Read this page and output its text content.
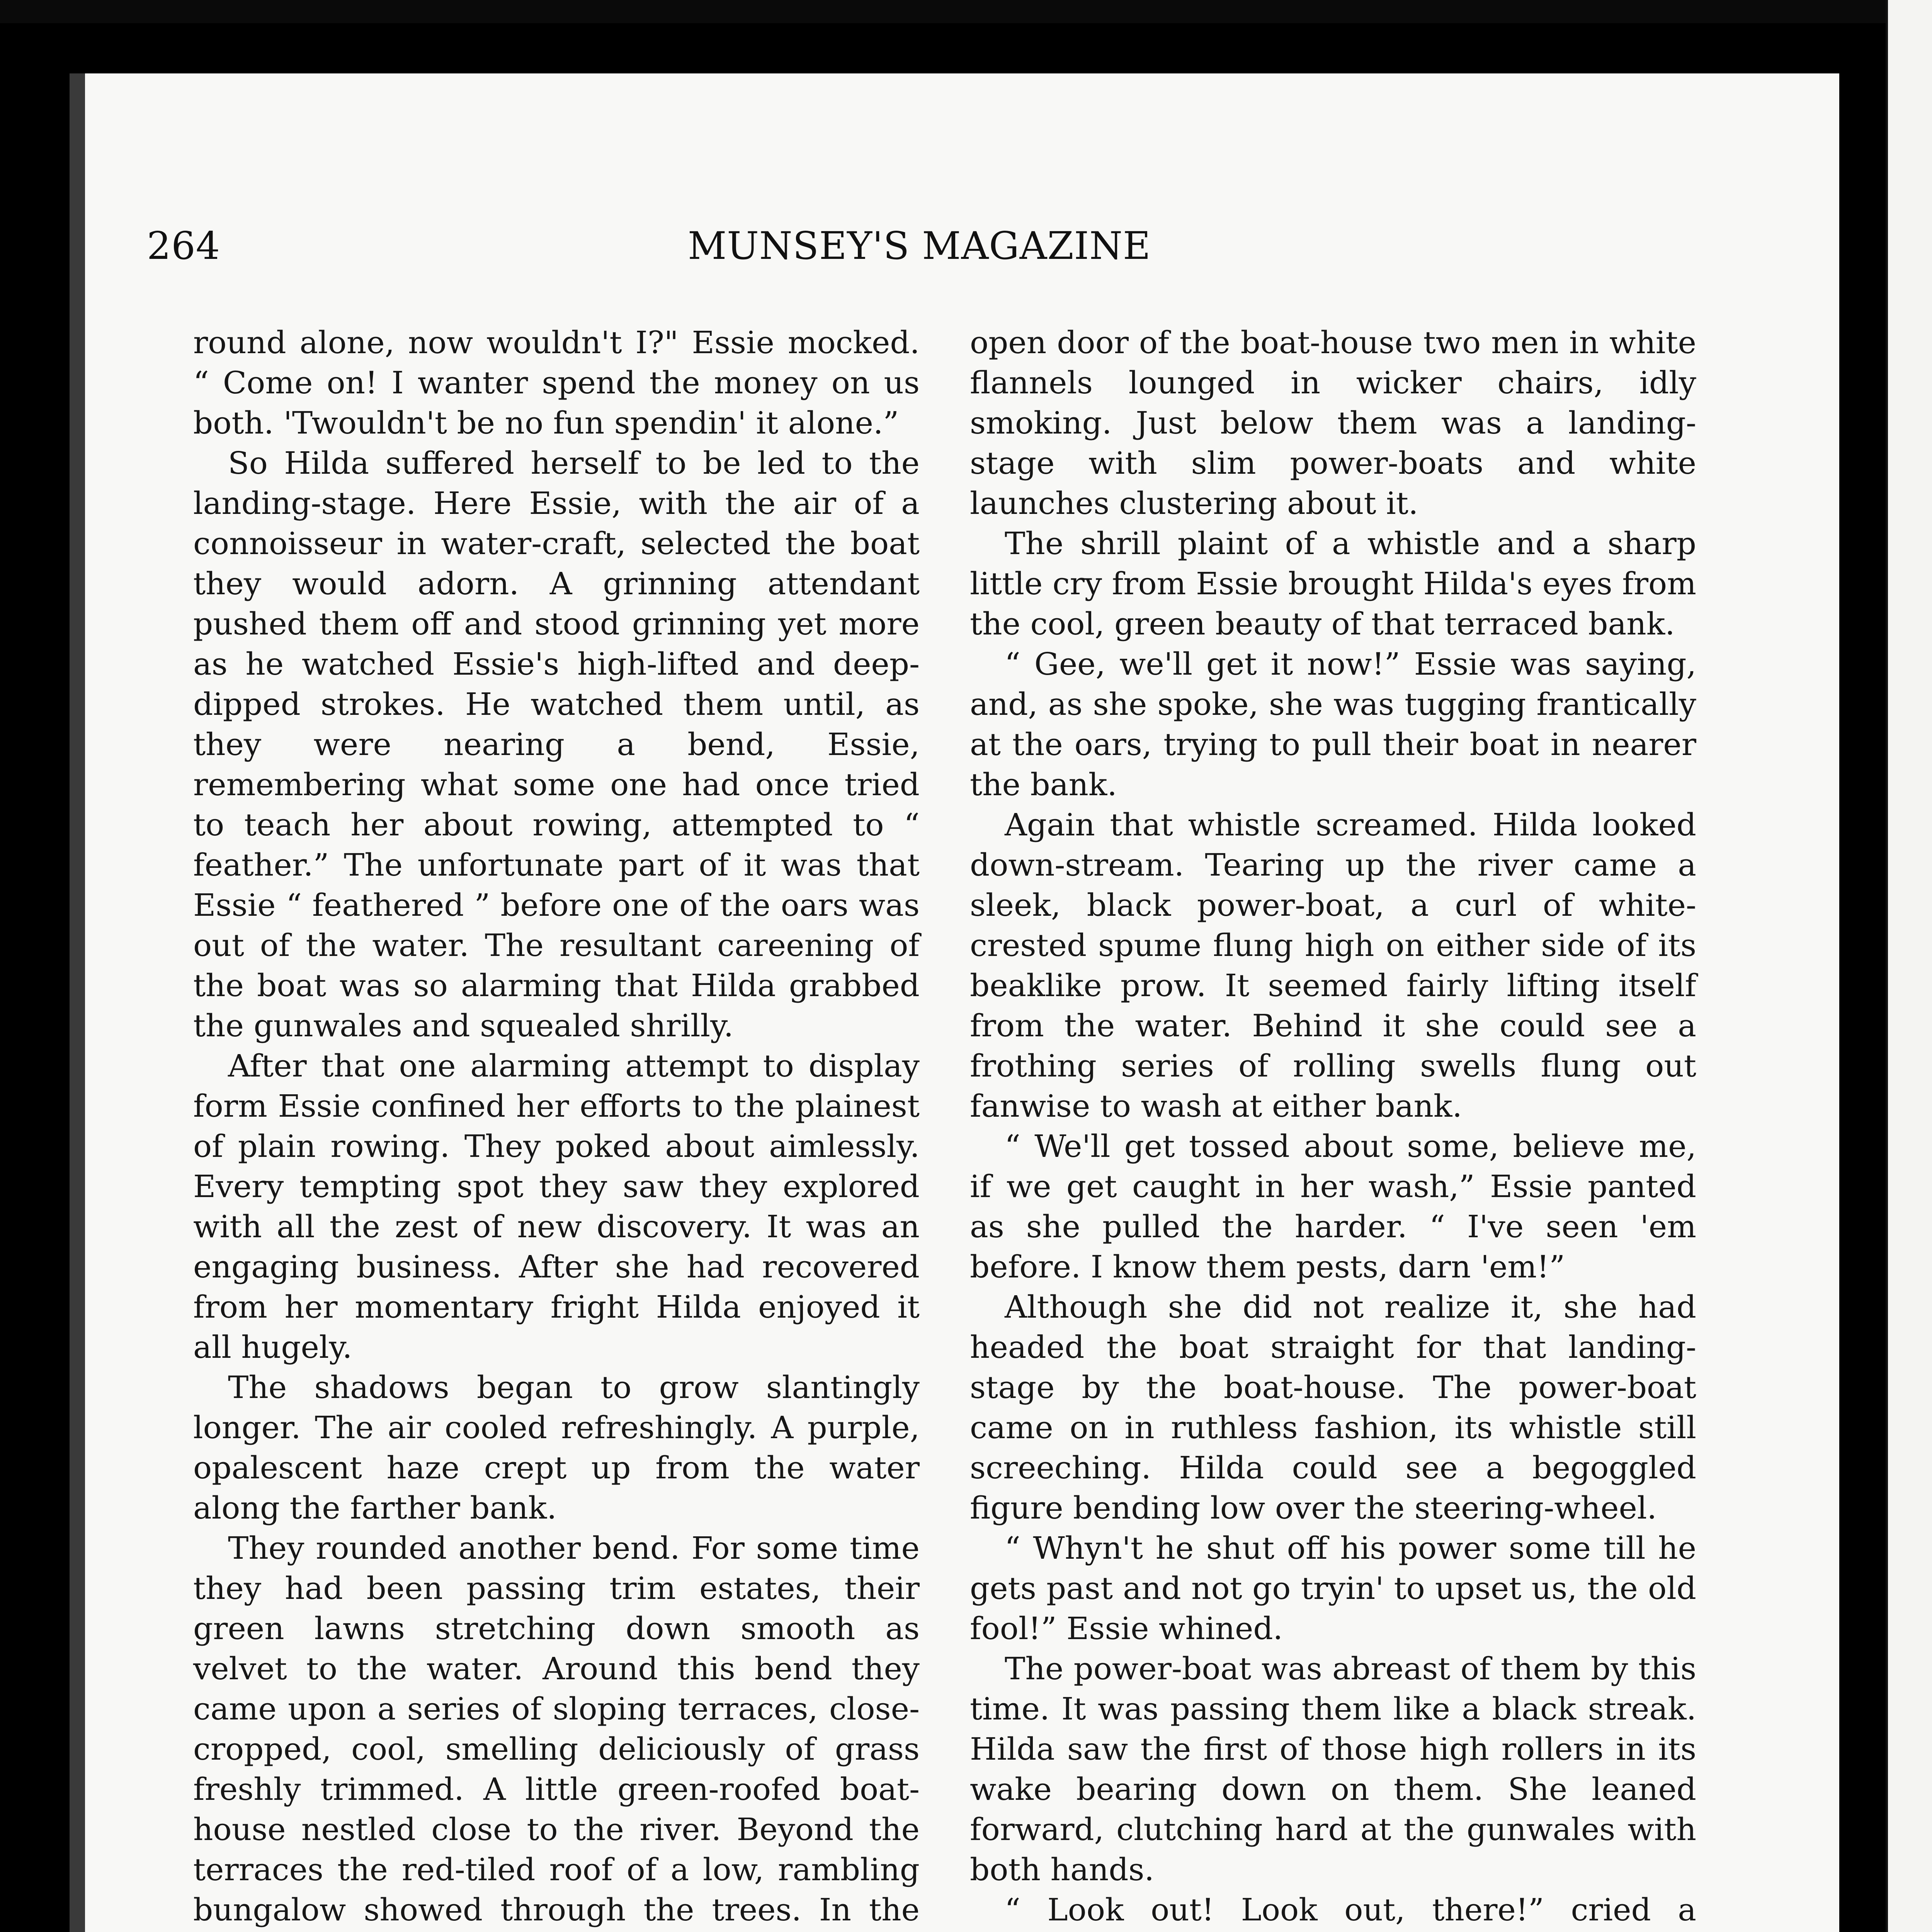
264	MUNSEY'S MAGAZINE

round alone, now wouldn't I?" Essie mocked. “ Come on! I wanter spend the money on us both. 'Twouldn't be no fun spendin' it alone.”

So Hilda suffered herself to be led to the landing-stage. Here Essie, with the air of a connoisseur in water-craft, selected the boat they would adorn. A grinning attendant pushed them off and stood grinning yet more as he watched Essie's high-lifted and deep-dipped strokes. He watched them until, as they were nearing a bend, Essie, remembering what some one had once tried to teach her about rowing, attempted to “ feather.” The unfortunate part of it was that Essie “ feathered ” before one of the oars was out of the water. The resultant careening of the boat was so alarming that Hilda grabbed the gunwales and squealed shrilly.

After that one alarming attempt to display form Essie confined her efforts to the plainest of plain rowing. They poked about aimlessly. Every tempting spot they saw they explored with all the zest of new discovery. It was an engaging business. After she had recovered from her momentary fright Hilda enjoyed it all hugely.

The shadows began to grow slantingly longer. The air cooled refreshingly. A purple, opalescent haze crept up from the water along the farther bank.

They rounded another bend. For some time they had been passing trim estates, their green lawns stretching down smooth as velvet to the water. Around this bend they came upon a series of sloping terraces, close-cropped, cool, smelling deliciously of grass freshly trimmed. A little green-roofed boat-house nestled close to the river. Beyond the terraces the red-tiled roof of a low, rambling bungalow showed through the trees. In the

open door of the boat-house two men in white flannels lounged in wicker chairs, idly smoking. Just below them was a landing-stage with slim power-boats and white launches clustering about it.

The shrill plaint of a whistle and a sharp little cry from Essie brought Hilda's eyes from the cool, green beauty of that terraced bank.

“ Gee, we'll get it now!” Essie was saying, and, as she spoke, she was tugging frantically at the oars, trying to pull their boat in nearer the bank.

Again that whistle screamed. Hilda looked down-stream. Tearing up the river came a sleek, black power-boat, a curl of white-crested spume flung high on either side of its beaklike prow. It seemed fairly lifting itself from the water. Behind it she could see a frothing series of rolling swells flung out fanwise to wash at either bank.

“ We'll get tossed about some, believe me, if we get caught in her wash,” Essie panted as she pulled the harder. “ I've seen 'em before. I know them pests, darn 'em!”

Although she did not realize it, she had headed the boat straight for that landing-stage by the boat-house. The power-boat came on in ruthless fashion, its whistle still screeching. Hilda could see a begoggled figure bending low over the steering-wheel.

“ Whyn't he shut off his power some till he gets past and not go tryin' to upset us, the old fool!” Essie whined.

The power-boat was abreast of them by this time. It was passing them like a black streak. Hilda saw the first of those high rollers in its wake bearing down on them. She leaned forward, clutching hard at the gunwales with both hands.

“ Look out! Look out, there!” cried a
